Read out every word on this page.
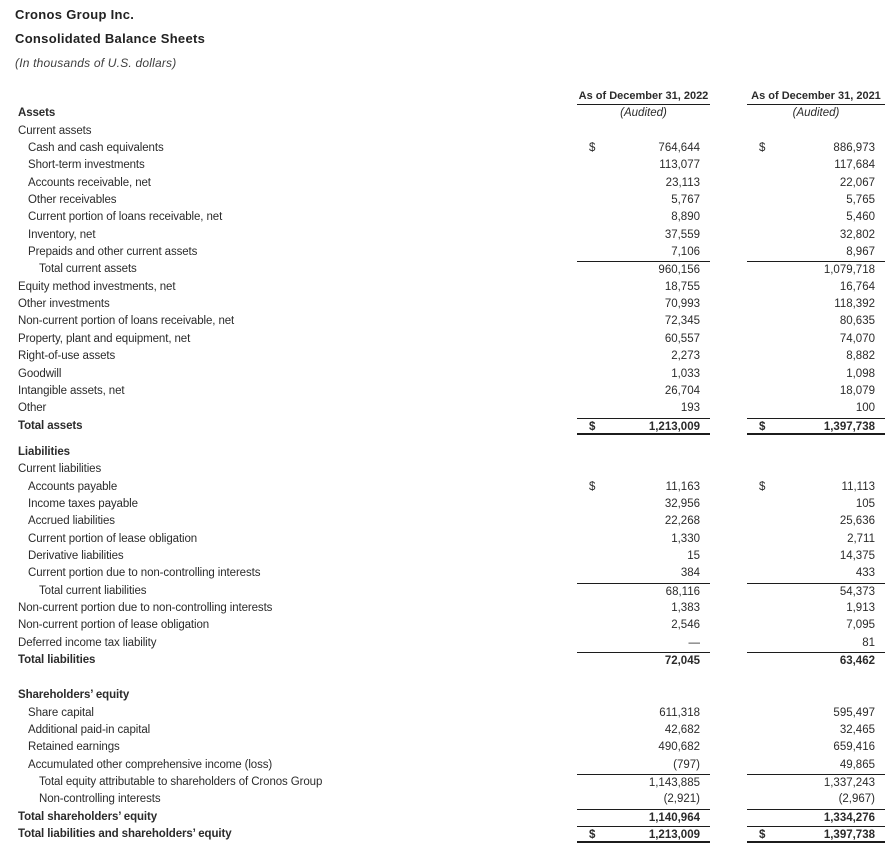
Cronos Group Inc.
Consolidated Balance Sheets
(In thousands of U.S. dollars)
As of December 31, 2022	As of December 31, 2021
Assets	(Audited)	(Audited)
Current assets
Cash and cash equivalents	$	764,644	$	886,973
Short-term investments	113,077	117,684
Accounts receivable, net	23,113	22,067
Other receivables	5,767	5,765
Current portion of loans receivable, net	8,890	5,460
Inventory, net	37,559	32,802
Prepaids and other current assets	7,106	8,967
Total current assets	960,156	1,079,718
Equity method investments, net	18,755	16,764
Other investments	70,993	118,392
Non-current portion of loans receivable, net	72,345	80,635
Property, plant and equipment, net	60,557	74,070
Right-of-use assets	2,273	8,882
Goodwill	1,033	1,098
Intangible assets, net	26,704	18,079
Other	193	100
Total assets	$	1,213,009	$	1,397,738
Liabilities
Current liabilities
Accounts payable	$	11,163	$	11,113
Income taxes payable	32,956	105
Accrued liabilities	22,268	25,636
Current portion of lease obligation	1,330	2,711
Derivative liabilities	15	14,375
Current portion due to non-controlling interests	384	433
Total current liabilities	68,116	54,373
Non-current portion due to non-controlling interests	1,383	1,913
Non-current portion of lease obligation	2,546	7,095
Deferred income tax liability	—	81
Total liabilities	72,045	63,462
Shareholders’ equity
Share capital	611,318	595,497
Additional paid-in capital	42,682	32,465
Retained earnings	490,682	659,416
Accumulated other comprehensive income (loss)	(797)	49,865
Total equity attributable to shareholders of Cronos Group	1,143,885	1,337,243
Non-controlling interests	(2,921)	(2,967)
Total shareholders’ equity	1,140,964	1,334,276
Total liabilities and shareholders’ equity	$	1,213,009	$	1,397,738
